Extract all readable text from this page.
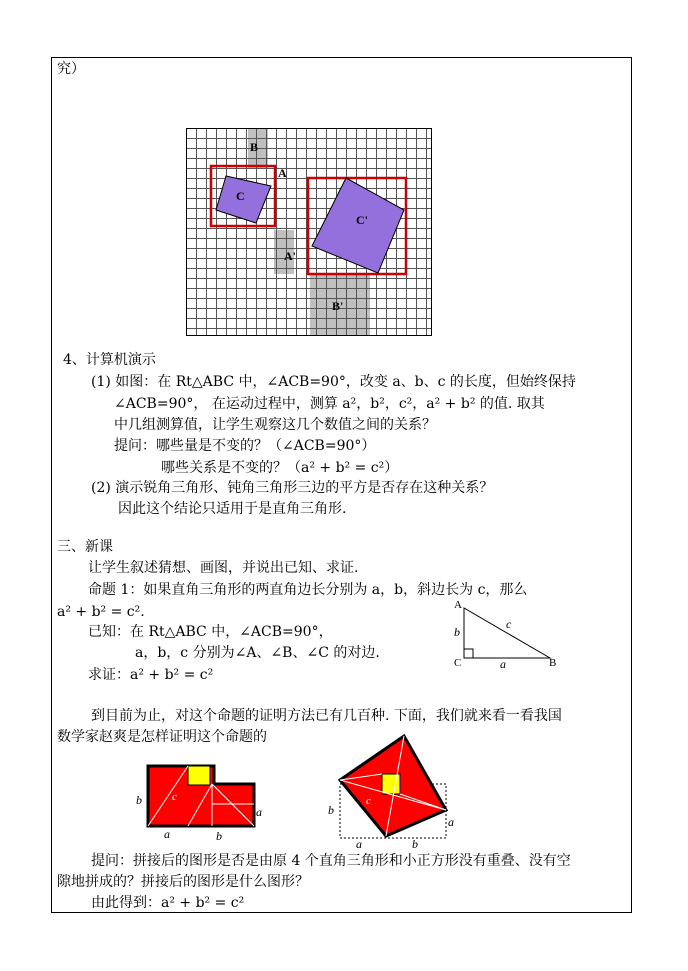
究）
B
A
C
C'
A'
B'
4、计算机演示
(1) 如图：在 Rt△ABC 中，∠ACB=90°，改变 a、b、c 的长度，但始终保持
∠ACB=90°， 在运动过程中，测算 a²，b²，c²，a² + b² 的值. 取其
中几组测算值，让学生观察这几个数值之间的关系？
提问：哪些量是不变的？（∠ACB=90°）
哪些关系是不变的？（a² + b² = c²）
(2) 演示锐角三角形、钝角三角形三边的平方是否存在这种关系？
因此这个结论只适用于是直角三角形.
三、新课
让学生叙述猜想、画图，并说出已知、求证.
命题 1：如果直角三角形的两直角边长分别为 a，b，斜边长为 c，那么
a² + b² = c².
已知：在 Rt△ABC 中，∠ACB=90°，
a，b，c 分别为∠A、∠B、∠C 的对边.
求证：a² + b² = c²
A
C	B
b
a
c
到目前为止，对这个命题的证明方法已有几百种. 下面，我们就来看一看我国
数学家赵爽是怎样证明这个命题的
c
b
a
a	b
c
b
a
a	b
提问：拼接后的图形是否是由原 4 个直角三角形和小正方形没有重叠、没有空
隙地拼成的？拼接后的图形是什么图形？
由此得到：a² + b² = c²
